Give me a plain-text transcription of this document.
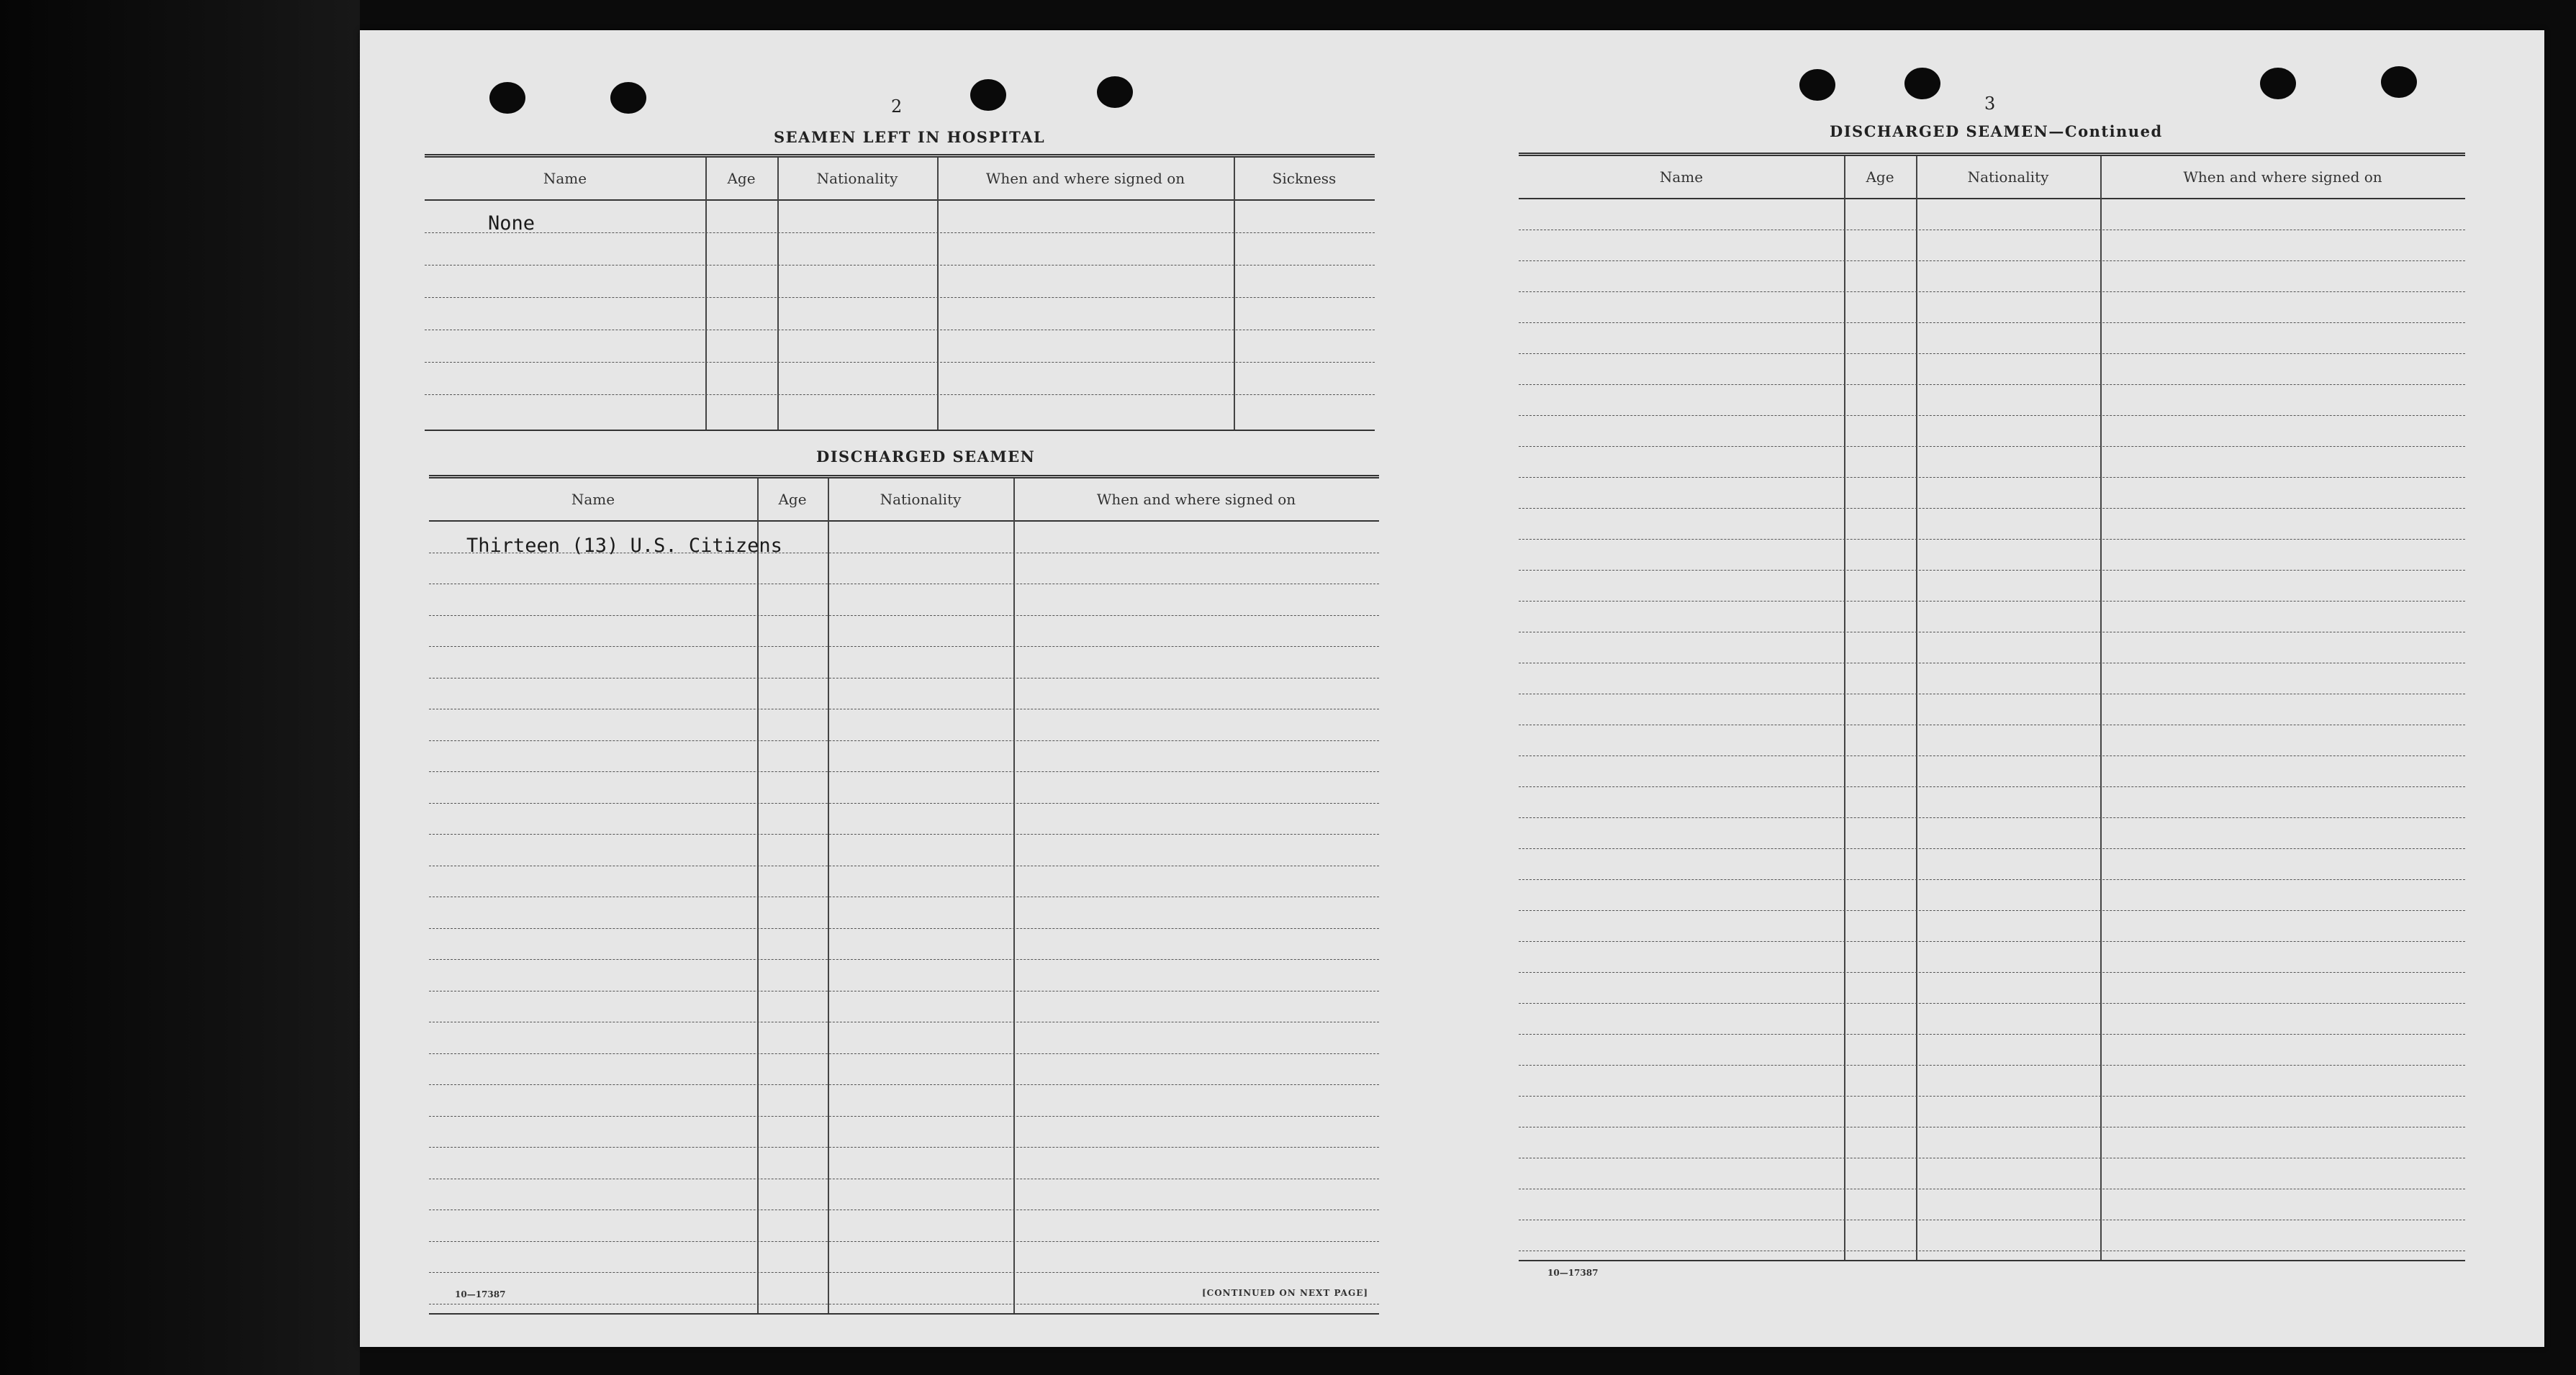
2
SEAMEN LEFT IN HOSPITAL
Name	Age	Nationality	When and where signed on	Sickness
None
DISCHARGED SEAMEN
Name	Age	Nationality	When and where signed on
Thirteen (13) U.S. Citizens
10—17387	[CONTINUED ON NEXT PAGE]
3
DISCHARGED SEAMEN—Continued
Name	Age	Nationality	When and where signed on
10—17387
